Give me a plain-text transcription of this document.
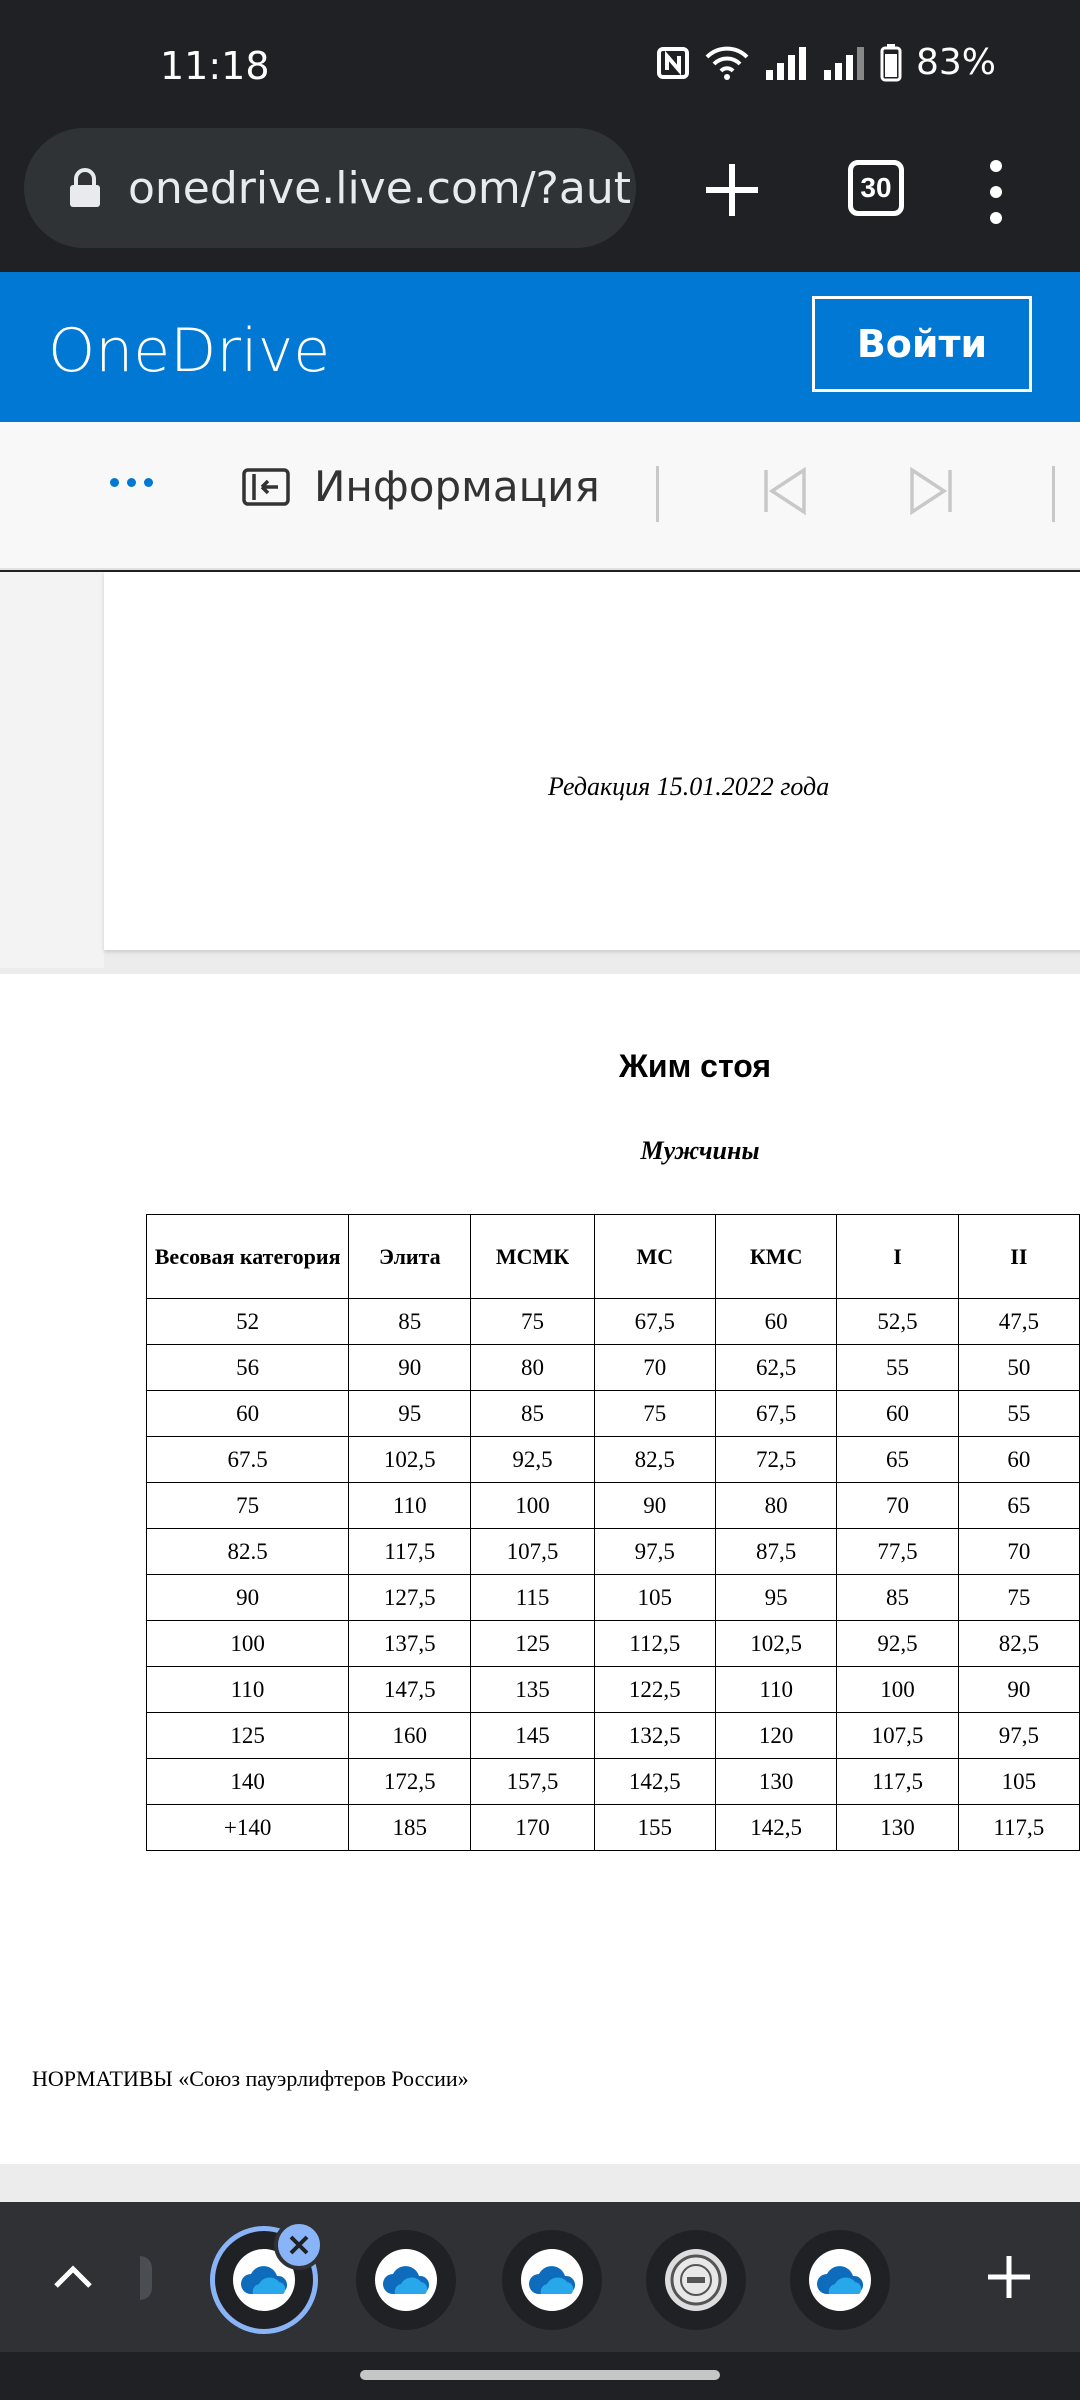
11:18	83%
onedrive.live.com/?aut	30
OneDrive	Войти
Информация
Редакция 15.01.2022 года
Жим стоя
Мужчины
Весовая категория	Элита	МСМК	МС	КМС	I	II
52	85	75	67,5	60	52,5	47,5
56	90	80	70	62,5	55	50
60	95	85	75	67,5	60	55
67.5	102,5	92,5	82,5	72,5	65	60
75	110	100	90	80	70	65
82.5	117,5	107,5	97,5	87,5	77,5	70
90	127,5	115	105	95	85	75
100	137,5	125	112,5	102,5	92,5	82,5
110	147,5	135	122,5	110	100	90
125	160	145	132,5	120	107,5	97,5
140	172,5	157,5	142,5	130	117,5	105
+140	185	170	155	142,5	130	117,5
НОРМАТИВЫ «Союз пауэрлифтеров России»
